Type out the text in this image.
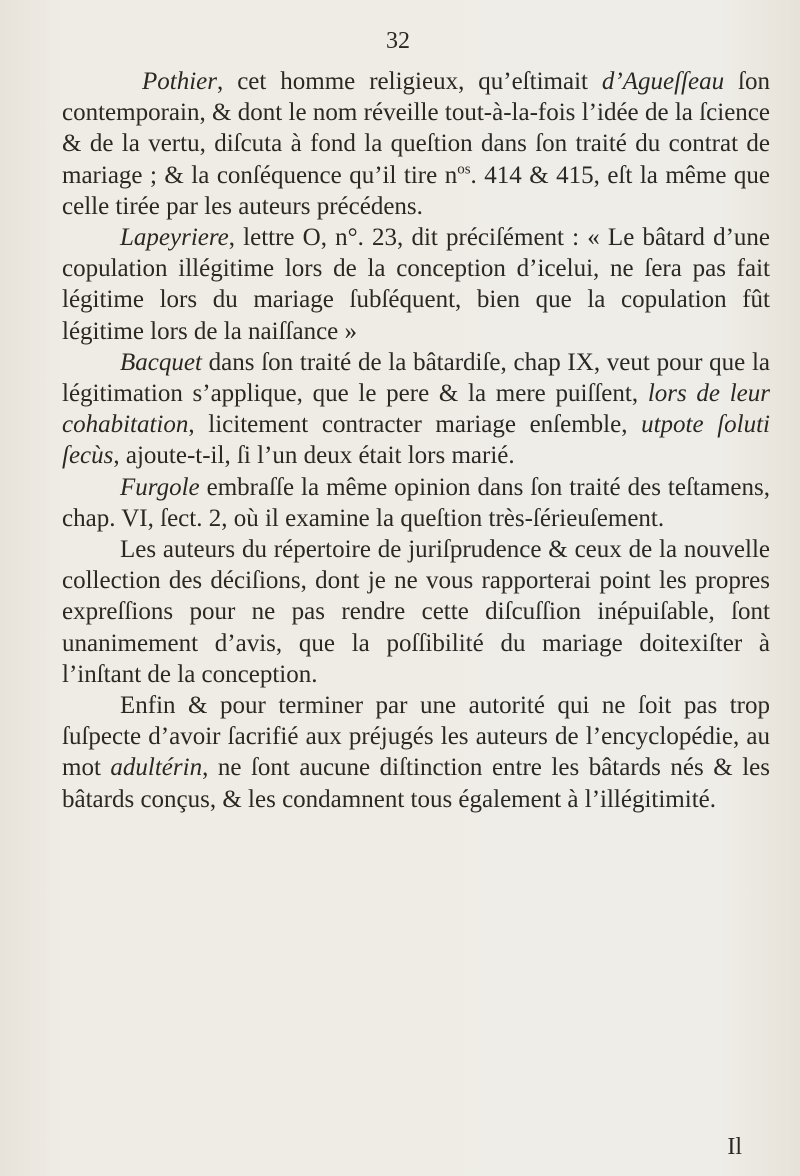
32

Pothier, cet homme religieux, qu’eſtimait d’Agueſſeau ſon contemporain, & dont le nom réveille tout-à-la-fois l’idée de la ſcience & de la vertu, diſcuta à fond la queſtion dans ſon traité du contrat de mariage ; & la conſéquence qu’il tire $n^{os}$. 414 & 415, eſt la même que celle tirée par les auteurs précédens.

Lapeyriere, lettre O, n°. 23, dit préciſément : « Le bâtard d’une copulation illégitime lors de la conception d’icelui, ne ſera pas fait légitime lors du mariage ſubſéquent, bien que la copulation fût légitime lors de la naiſſance »

Bacquet dans ſon traité de la bâtardiſe, chap IX, veut pour que la légitimation s’applique, que le pere & la mere puiſſent, lors de leur cohabitation, licitement contracter mariage enſemble, utpote ſoluti ſecùs, ajoute-t-il, ſi l’un deux était lors marié.

Furgole embraſſe la même opinion dans ſon traité des teſtamens, chap. VI, ſect. 2, où il examine la queſtion très-ſérieuſement.

Les auteurs du répertoire de juriſprudence & ceux de la nouvelle collection des déciſions, dont je ne vous rapporterai point les propres expreſſions pour ne pas rendre cette diſcuſſion inépuiſable, ſont unanimement d’avis, que la poſſibilité du mariage doitexiſter à l’inſtant de la conception.

Enfin & pour terminer par une autorité qui ne ſoit pas trop ſuſpecte d’avoir ſacrifié aux préjugés les auteurs de l’encyclopédie, au mot adultérin, ne ſont aucune diſtinction entre les bâtards nés & les bâtards conçus, & les condamnent tous également à l’illégitimité.

Il
